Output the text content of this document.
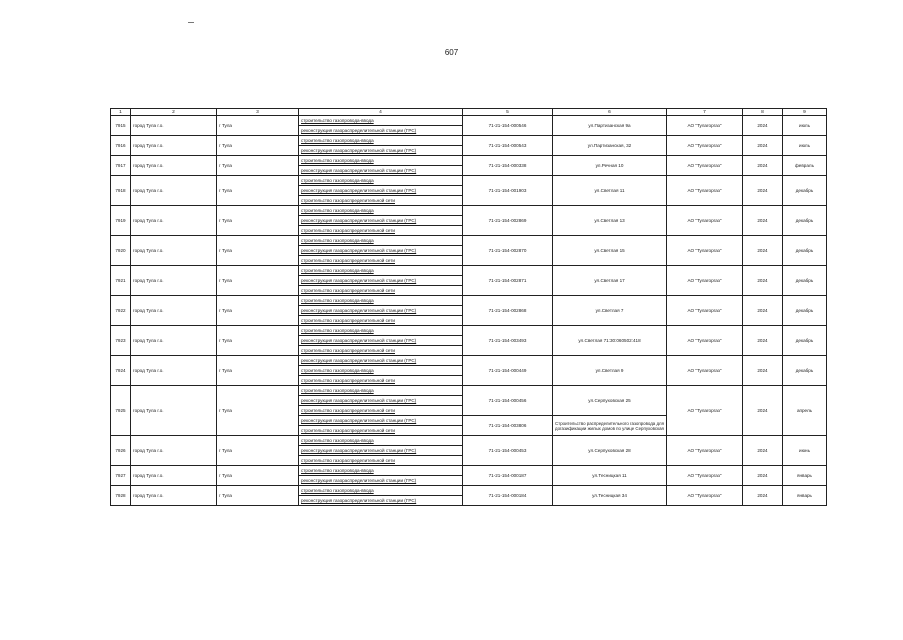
607
1	2	3	4	5	6	7	8	9
7915	город Тула г.о.	г Тула	строительство газопровода-ввода	71-21-154-000546	ул.Партизанская 9а	АО "Тулагоргаз"	2024	июль
			реконструкция газораспределительной станции (ГРС)					
7916	город Тула г.о.	г Тула	строительство газопровода-ввода	71-21-154-000543	ул.Партизанская, 32	АО "Тулагоргаз"	2024	июль
			реконструкция газораспределительной станции (ГРС)					
7917	город Тула г.о.	г Тула	строительство газопровода-ввода	71-21-154-000338	ул.Речная 10	АО "Тулагоргаз"	2024	февраль
			реконструкция газораспределительной станции (ГРС)					
7918	город Тула г.о.	г Тула	строительство газопровода-ввода	71-21-154-001903	ул.Светлая 11	АО "Тулагоргаз"	2024	декабрь
			реконструкция газораспределительной станции (ГРС)					
			строительство газораспределительной сети					
7919	город Тула г.о.	г Тула	строительство газопровода-ввода	71-21-154-002869	ул.Светлая 13	АО "Тулагоргаз"	2024	декабрь
			реконструкция газораспределительной станции (ГРС)					
			строительство газораспределительной сети					
7920	город Тула г.о.	г Тула	строительство газопровода-ввода	71-21-154-002870	ул.Светлая 15	АО "Тулагоргаз"	2024	декабрь
			реконструкция газораспределительной станции (ГРС)					
			строительство газораспределительной сети					
7921	город Тула г.о.	г Тула	строительство газопровода-ввода	71-21-154-002871	ул.Светлая 17	АО "Тулагоргаз"	2024	декабрь
			реконструкция газораспределительной станции (ГРС)					
			строительство газораспределительной сети					
7922	город Тула г.о.	г Тула	строительство газопровода-ввода	71-21-154-002868	ул.Светлая 7	АО "Тулагоргаз"	2024	декабрь
			реконструкция газораспределительной станции (ГРС)					
			строительство газораспределительной сети					
7923	город Тула г.о.	г Тула	строительство газопровода-ввода	71-21-154-003493	ул.Светлая 71:30:060502:418	АО "Тулагоргаз"	2024	декабрь
			реконструкция газораспределительной станции (ГРС)					
			строительство газораспределительной сети					
7924	город Тула г.о.	г Тула	реконструкция газораспределительной станции (ГРС)	71-21-154-000449	ул.Светлая 9	АО "Тулагоргаз"	2024	декабрь
			строительство газопровода-ввода					
			строительство газораспределительной сети					
7925	город Тула г.о.	г Тула	строительство газопровода-ввода	71-21-154-000456	ул.Серпуховская 25	АО "Тулагоргаз"	2024	апрель
			реконструкция газораспределительной станции (ГРС)					
			строительство газораспределительной сети					
			реконструкция газораспределительной станции (ГРС)	71-21-154-003806	Строительство распределительного газопровода для догазификации жилых домов по улице Серпуховская			
			строительство газораспределительной сети					
7926	город Тула г.о.	г Тула	строительство газопровода-ввода	71-21-154-000453	ул.Серпуховская 28	АО "Тулагоргаз"	2024	июнь
			реконструкция газораспределительной станции (ГРС)					
			строительство газораспределительной сети					
7927	город Тула г.о.	г Тула	строительство газопровода-ввода	71-21-154-000187	ул.Тесницкая 11	АО "Тулагоргаз"	2024	январь
			реконструкция газораспределительной станции (ГРС)					
7928	город Тула г.о.	г Тула	строительство газопровода-ввода	71-21-154-000184	ул.Тесницкая 34	АО "Тулагоргаз"	2024	январь
			реконструкция газораспределительной станции (ГРС)					
